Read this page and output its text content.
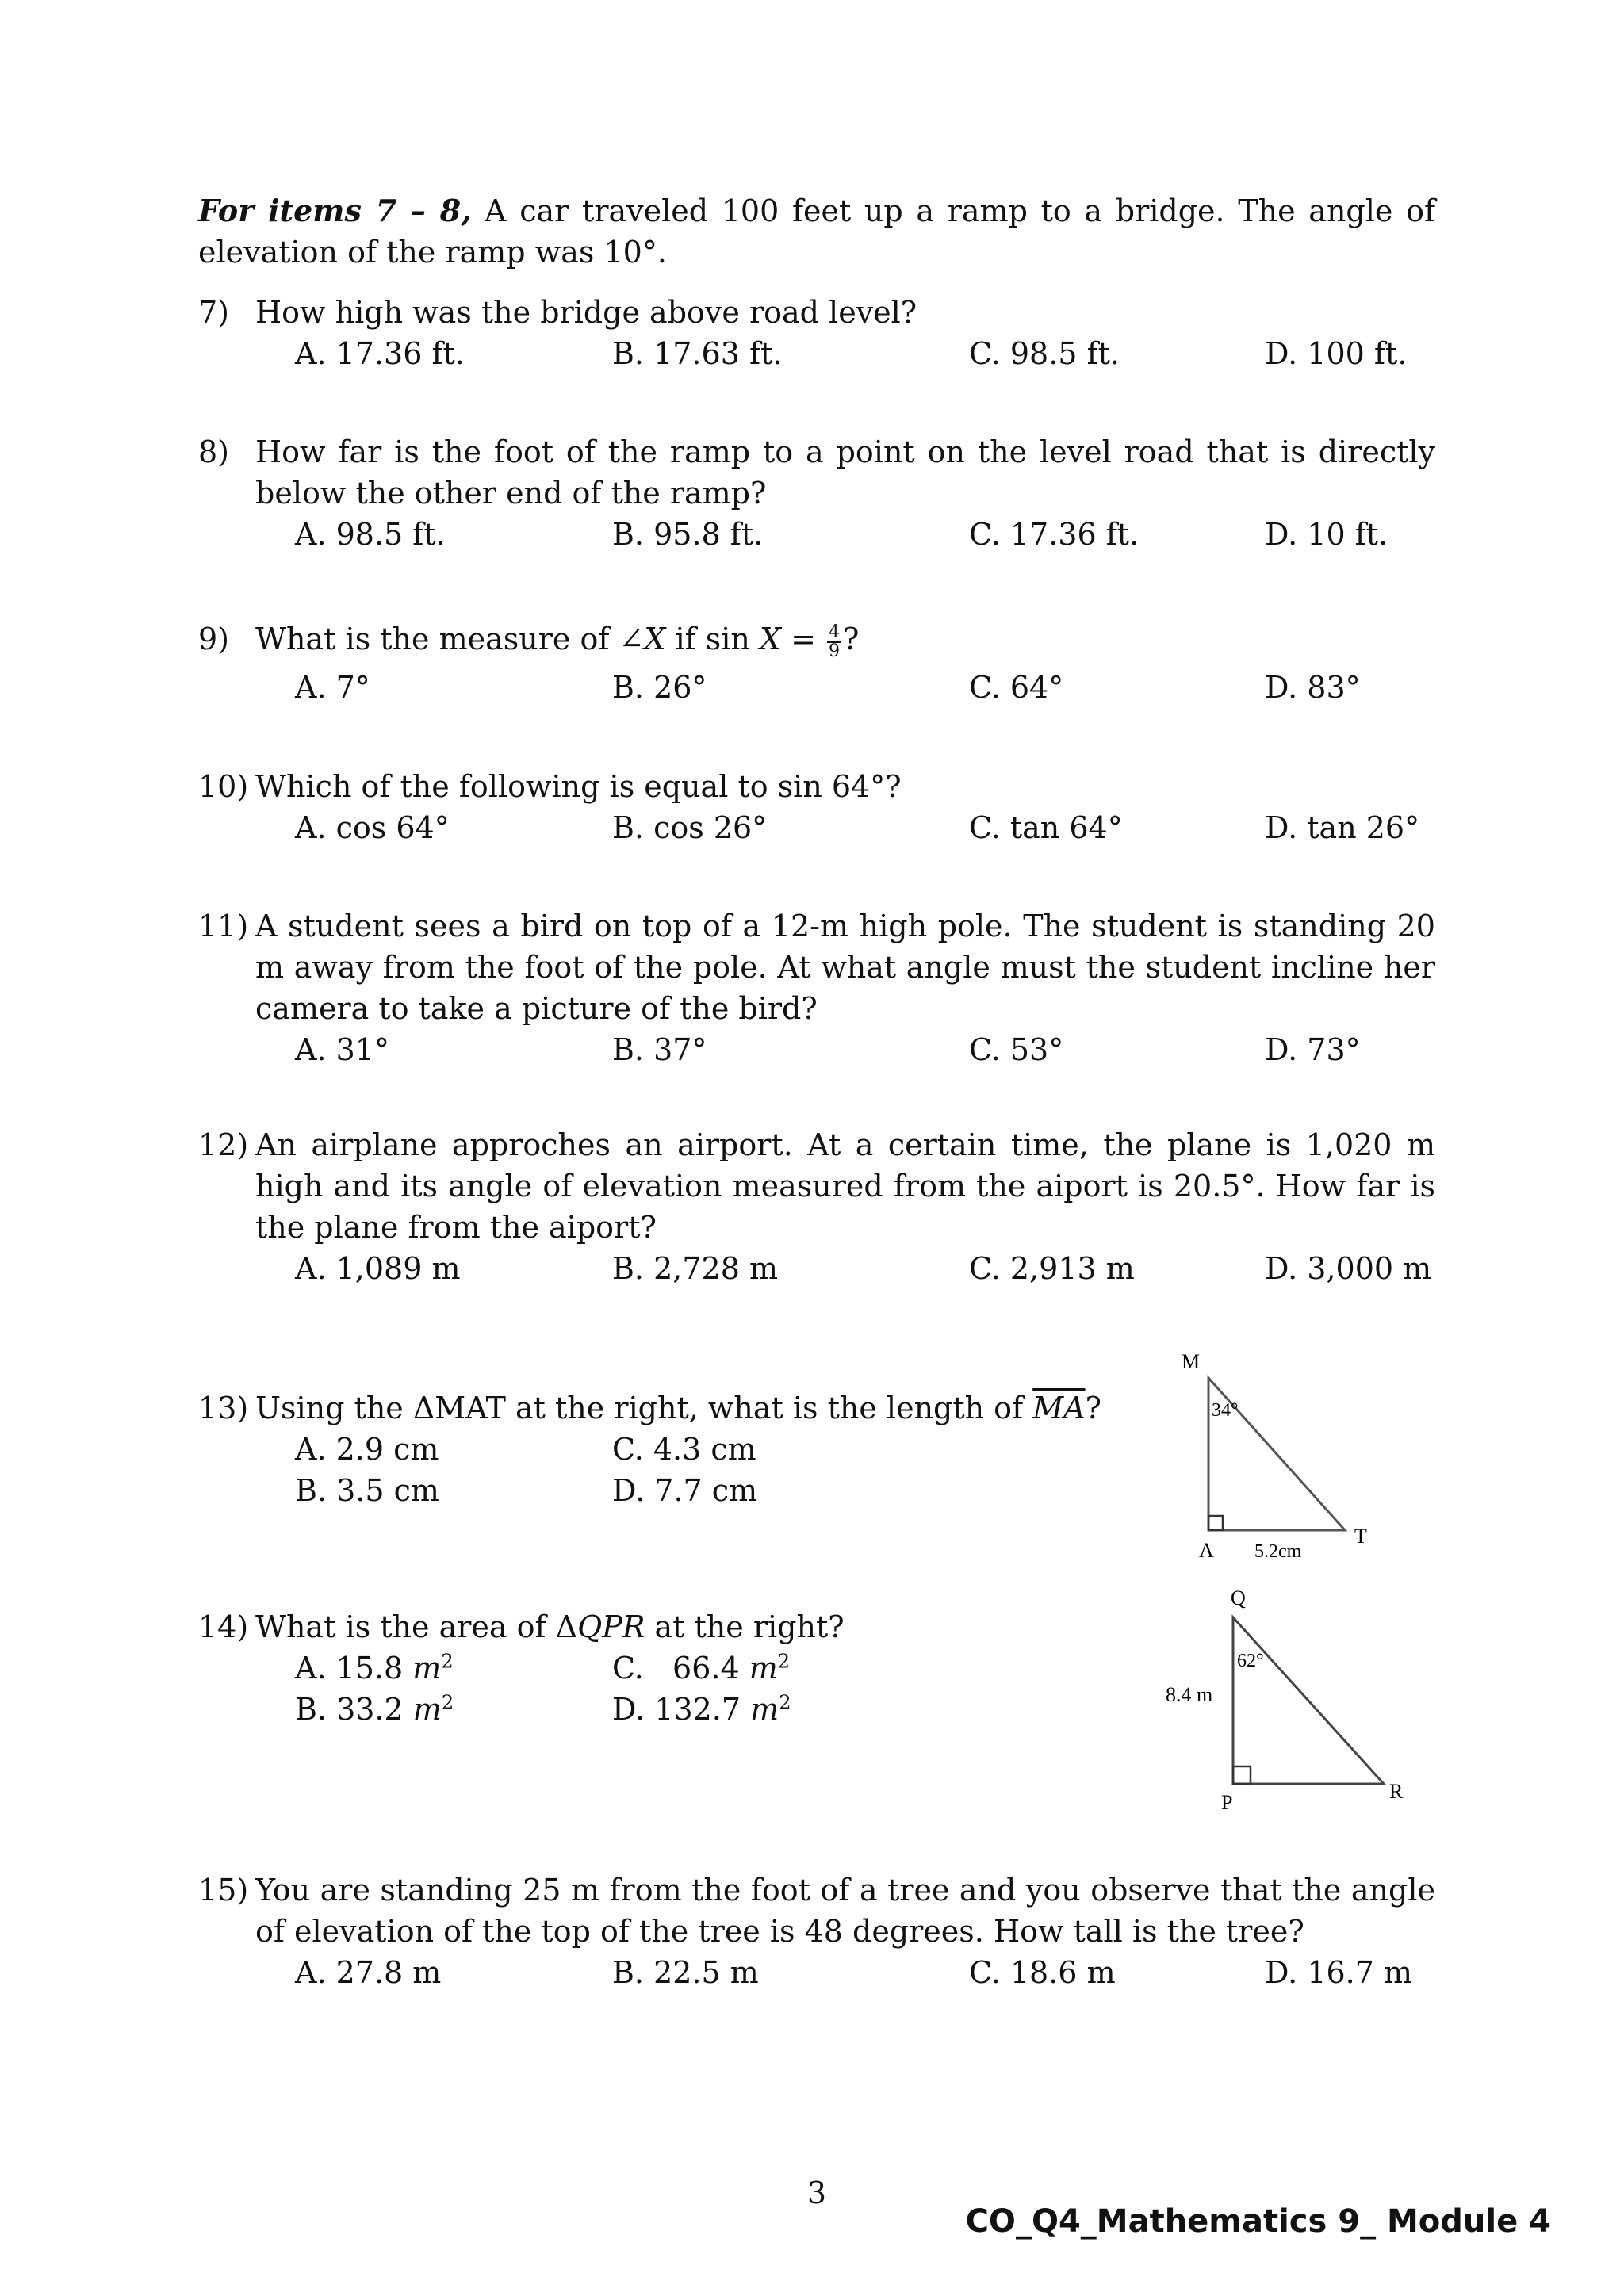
For items 7 – 8, A car traveled 100 feet up a ramp to a bridge. The angle of elevation of the ramp was 10°.
7) How high was the bridge above road level?
A. 17.36 ft.	B. 17.63 ft.	C. 98.5 ft.	D. 100 ft.
8) How far is the foot of the ramp to a point on the level road that is directly below the other end of the ramp?
A. 98.5 ft.	B. 95.8 ft.	C. 17.36 ft.	D. 10 ft.
9) What is the measure of ∠X if $\sin X = \frac{4}{9}$ ?
A. 7°	B. 26°	C. 64°	D. 83°
10) Which of the following is equal to sin 64°?
A. cos 64°	B. cos 26°	C. tan 64°	D. tan 26°
11) A student sees a bird on top of a 12-m high pole. The student is standing 20 m away from the foot of the pole. At what angle must the student incline her camera to take a picture of the bird?
A. 31°	B. 37°	C. 53°	D. 73°
12) An airplane approches an airport. At a certain time, the plane is 1,020 m high and its angle of elevation measured from the aiport is 20.5°. How far is the plane from the aiport?
A. 1,089 m	B. 2,728 m	C. 2,913 m	D. 3,000 m
13) Using the ΔMAT at the right, what is the length of $\overline{MA}$?
A. 2.9 cm	C. 4.3 cm
B. 3.5 cm	D. 7.7 cm
M
34°
A 5.2cm
T
14) What is the area of ΔQPR at the right?
A. 15.8 $m^2$	C.   66.4 $m^2$
B. 33.2 $m^2$	D. 132.7 $m^2$
Q
62°
8.4 m
P	R
15) You are standing 25 m from the foot of a tree and you observe that the angle of elevation of the top of the tree is 48 degrees. How tall is the tree?
A. 27.8 m	B. 22.5 m	C. 18.6 m	D. 16.7 m
3
CO_Q4_Mathematics 9_ Module 4
